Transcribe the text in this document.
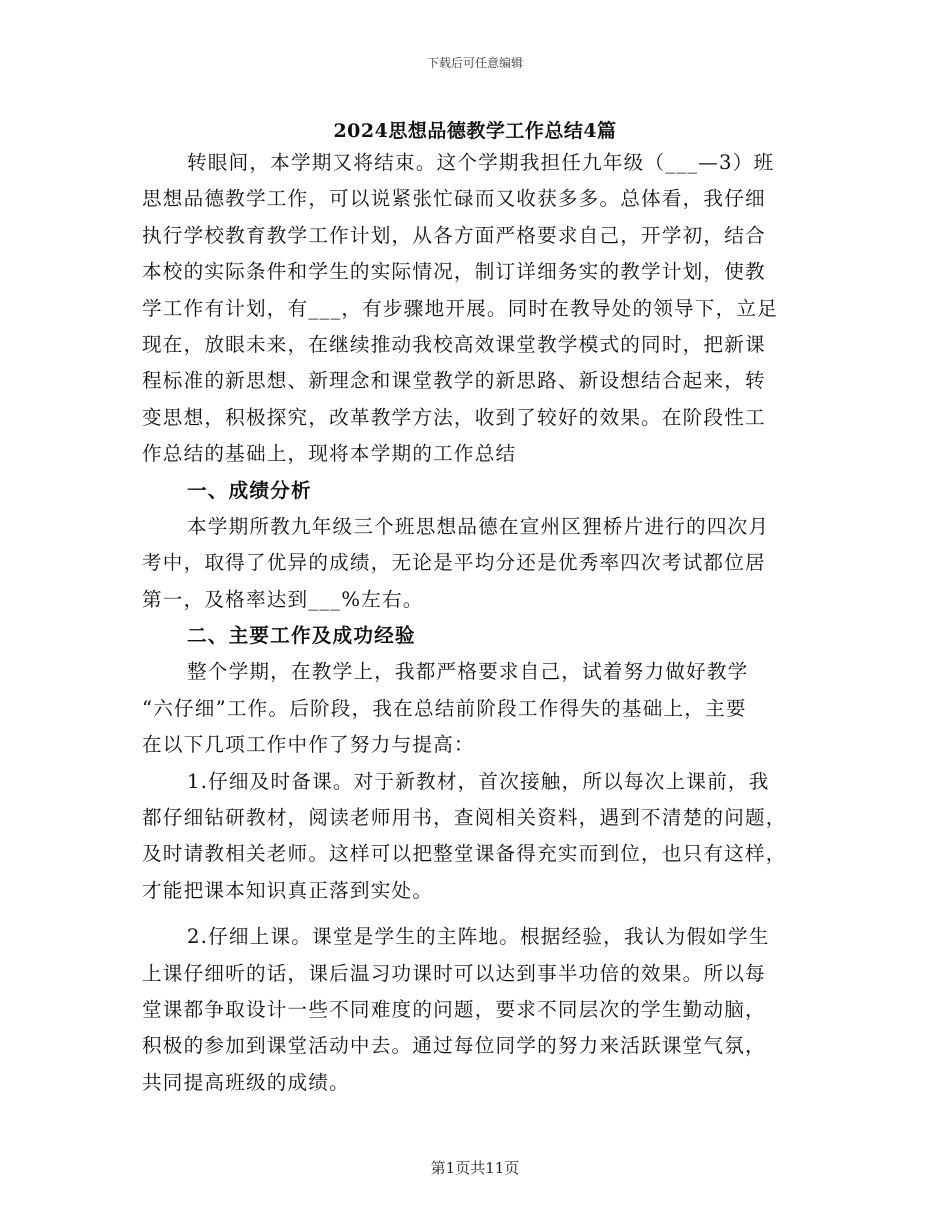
下载后可任意编辑
2024思想品德教学工作总结4篇
转眼间，本学期又将结束。这个学期我担任九年级（___—3）班
思想品德教学工作，可以说紧张忙碌而又收获多多。总体看，我仔细
执行学校教育教学工作计划，从各方面严格要求自己，开学初，结合
本校的实际条件和学生的实际情况，制订详细务实的教学计划，使教
学工作有计划，有___，有步骤地开展。同时在教导处的领导下，立足
现在，放眼未来，在继续推动我校高效课堂教学模式的同时，把新课
程标准的新思想、新理念和课堂教学的新思路、新设想结合起来，转
变思想，积极探究，改革教学方法，收到了较好的效果。在阶段性工
作总结的基础上，现将本学期的工作总结
一、成绩分析
本学期所教九年级三个班思想品德在宣州区狸桥片进行的四次月
考中，取得了优异的成绩，无论是平均分还是优秀率四次考试都位居
第一，及格率达到___%左右。
二、主要工作及成功经验
整个学期，在教学上，我都严格要求自己，试着努力做好教学
“六仔细”工作。后阶段，我在总结前阶段工作得失的基础上，主要
在以下几项工作中作了努力与提高：
1.仔细及时备课。对于新教材，首次接触，所以每次上课前，我
都仔细钻研教材，阅读老师用书，查阅相关资料，遇到不清楚的问题，
及时请教相关老师。这样可以把整堂课备得充实而到位，也只有这样，
才能把课本知识真正落到实处。
2.仔细上课。课堂是学生的主阵地。根据经验，我认为假如学生
上课仔细听的话，课后温习功课时可以达到事半功倍的效果。所以每
堂课都争取设计一些不同难度的问题，要求不同层次的学生勤动脑，
积极的参加到课堂活动中去。通过每位同学的努力来活跃课堂气氛，
共同提高班级的成绩。
第1页共11页
